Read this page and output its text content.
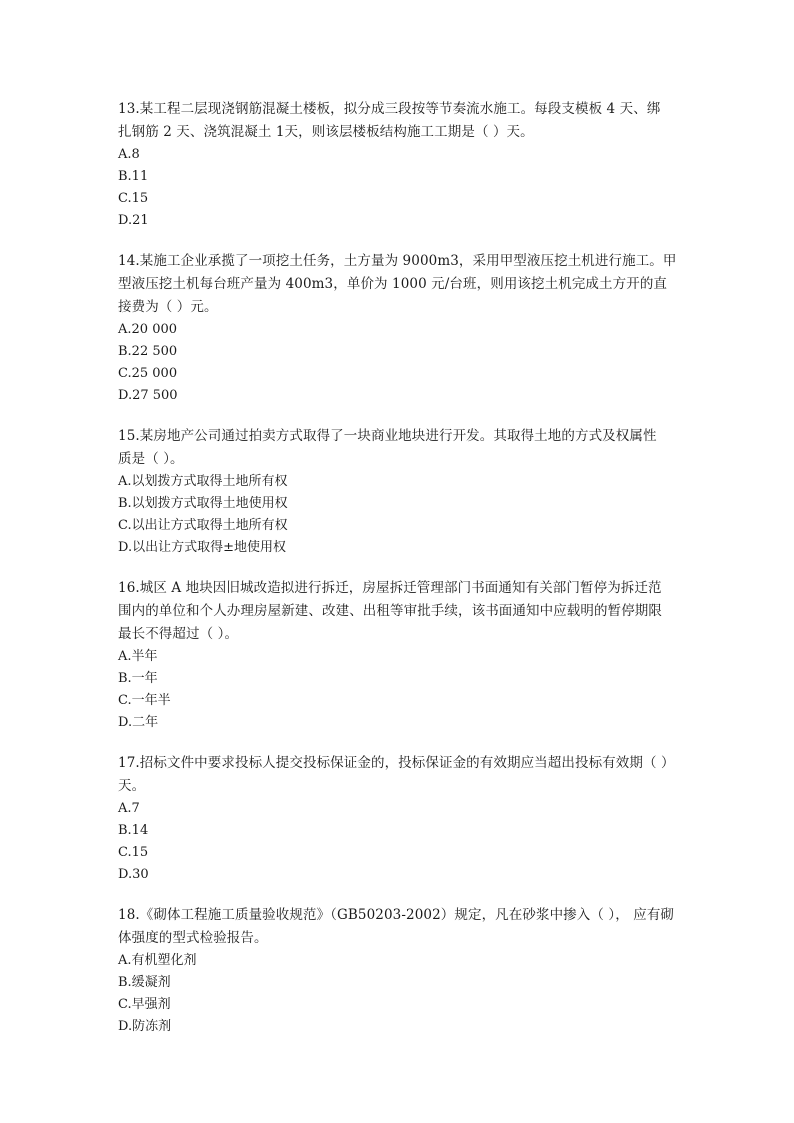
13.某工程二层现浇钢筋混凝土楼板，拟分成三段按等节奏流水施工。每段支模板 4 天、绑

扎钢筋 2 天、浇筑混凝土 1天，则该层楼板结构施工工期是（ ）天。

A.8

B.11

C.15

D.21

14.某施工企业承揽了一项挖土任务，土方量为 9000m3，采用甲型液压挖土机进行施工。甲

型液压挖土机每台班产量为 400m3，单价为 1000 元/台班，则用该挖土机完成土方开的直

接费为（ ）元。

A.20 000

B.22 500

C.25 000

D.27 500

15.某房地产公司通过拍卖方式取得了一块商业地块进行开发。其取得土地的方式及权属性

质是（ ）。

A.以划拨方式取得土地所有权

B.以划拨方式取得土地使用权

C.以出让方式取得土地所有权

D.以出让方式取得±地使用权

16.城区 A 地块因旧城改造拟进行拆迁，房屋拆迁管理部门书面通知有关部门暂停为拆迁范

围内的单位和个人办理房屋新建、改建、出租等审批手续，该书面通知中应载明的暂停期限

最长不得超过（ ）。

A.半年

B.一年

C.一年半

D.二年

17.招标文件中要求投标人提交投标保证金的，投标保证金的有效期应当超出投标有效期（ ）

天。

A.7

B.14

C.15

D.30

18.《砌体工程施工质量验收规范》（GB50203-2002）规定，凡在砂浆中掺入（ ）， 应有砌

体强度的型式检验报告。

A.有机塑化剂

B.缓凝剂

C.早强剂

D.防冻剂
